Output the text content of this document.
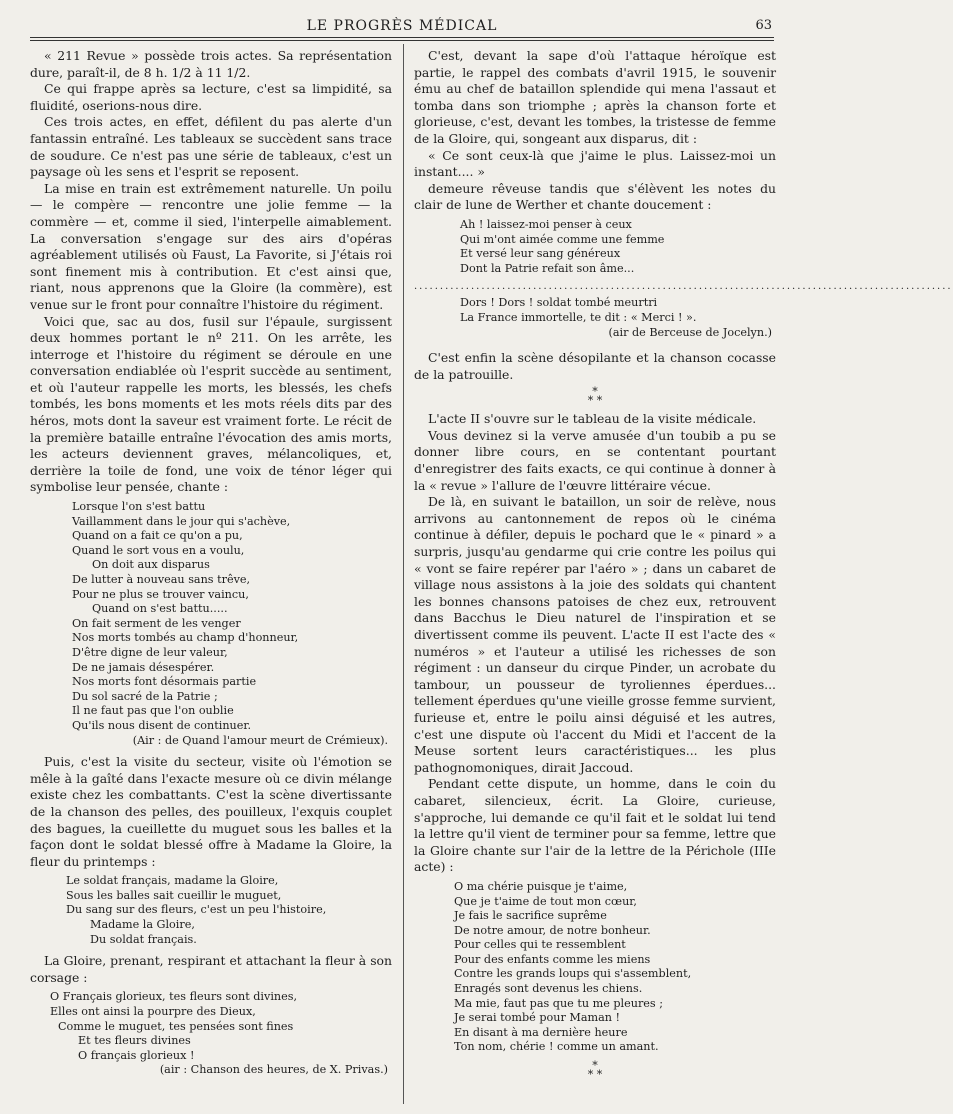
LE PROGRÈS MÉDICAL	63

« 211 Revue » possède trois actes. Sa représentation dure, paraît-il, de 8 h. 1/2 à 11 1/2.

Ce qui frappe après sa lecture, c'est sa limpidité, sa fluidité, oserions-nous dire.

Ces trois actes, en effet, défilent du pas alerte d'un fantassin entraîné. Les tableaux se succèdent sans trace de soudure. Ce n'est pas une série de tableaux, c'est un paysage où les sens et l'esprit se reposent.

La mise en train est extrêmement naturelle. Un poilu — le compère — rencontre une jolie femme — la commère — et, comme il sied, l'interpelle aimablement. La conversation s'engage sur des airs d'opéras agréablement utilisés où Faust, La Favorite, si J'étais roi sont finement mis à contribution. Et c'est ainsi que, riant, nous apprenons que la Gloire (la commère), est venue sur le front pour connaître l'histoire du régiment.

Voici que, sac au dos, fusil sur l'épaule, surgissent deux hommes portant le nº 211. On les arrête, les interroge et l'histoire du régiment se déroule en une conversation endiablée où l'esprit succède au sentiment, et où l'auteur rappelle les morts, les blessés, les chefs tombés, les bons moments et les mots réels dits par des héros, mots dont la saveur est vraiment forte. Le récit de la première bataille entraîne l'évocation des amis morts, les acteurs deviennent graves, mélancoliques, et, derrière la toile de fond, une voix de ténor léger qui symbolise leur pensée, chante :

Lorsque l'on s'est battu
Vaillamment dans le jour qui s'achève,
Quand on a fait ce qu'on a pu,
Quand le sort vous en a voulu,
On doit aux disparus
De lutter à nouveau sans trêve,
Pour ne plus se trouver vaincu,
Quand on s'est battu.....
On fait serment de les venger
Nos morts tombés au champ d'honneur,
D'être digne de leur valeur,
De ne jamais désespérer.
Nos morts font désormais partie
Du sol sacré de la Patrie ;
Il ne faut pas que l'on oublie
Qu'ils nous disent de continuer.
(Air : de Quand l'amour meurt de Crémieux).

Puis, c'est la visite du secteur, visite où l'émotion se mêle à la gaîté dans l'exacte mesure où ce divin mélange existe chez les combattants. C'est la scène divertissante de la chanson des pelles, des pouilleux, l'exquis couplet des bagues, la cueillette du muguet sous les balles et la façon dont le soldat blessé offre à Madame la Gloire, la fleur du printemps :

Le soldat français, madame la Gloire,
Sous les balles sait cueillir le muguet,
Du sang sur des fleurs, c'est un peu l'histoire,
Madame la Gloire,
Du soldat français.

La Gloire, prenant, respirant et attachant la fleur à son corsage :

O Français glorieux, tes fleurs sont divines,
Elles ont ainsi la pourpre des Dieux,
Comme le muguet, tes pensées sont fines
Et tes fleurs divines
O français glorieux !
(air : Chanson des heures, de X. Privas.)

C'est, devant la sape d'où l'attaque héroïque est partie, le rappel des combats d'avril 1915, le souvenir ému au chef de bataillon splendide qui mena l'assaut et tomba dans son triomphe ; après la chanson forte et glorieuse, c'est, devant les tombes, la tristesse de femme de la Gloire, qui, songeant aux disparus, dit :

« Ce sont ceux-là que j'aime le plus. Laissez-moi un instant.... »

demeure rêveuse tandis que s'élèvent les notes du clair de lune de Werther et chante doucement :

Ah ! laissez-moi penser à ceux
Qui m'ont aimée comme une femme
Et versé leur sang généreux
Dont la Patrie refait son âme...
........................................................................................................
Dors ! Dors ! soldat tombé meurtri
La France immortelle, te dit : « Merci ! ».
(air de Berceuse de Jocelyn.)

C'est enfin la scène désopilante et la chanson cocasse de la patrouille.

*
* *

L'acte II s'ouvre sur le tableau de la visite médicale.

Vous devinez si la verve amusée d'un toubib a pu se donner libre cours, en se contentant pourtant d'enregistrer des faits exacts, ce qui continue à donner à la « revue » l'allure de l'œuvre littéraire vécue.

De là, en suivant le bataillon, un soir de relève, nous arrivons au cantonnement de repos où le cinéma continue à défiler, depuis le pochard que le « pinard » a surpris, jusqu'au gendarme qui crie contre les poilus qui « vont se faire repérer par l'aéro » ; dans un cabaret de village nous assistons à la joie des soldats qui chantent les bonnes chansons patoises de chez eux, retrouvent dans Bacchus le Dieu naturel de l'inspiration et se divertissent comme ils peuvent. L'acte II est l'acte des « numéros » et l'auteur a utilisé les richesses de son régiment : un danseur du cirque Pinder, un acrobate du tambour, un pousseur de tyroliennes éperdues... tellement éperdues qu'une vieille grosse femme survient, furieuse et, entre le poilu ainsi déguisé et les autres, c'est une dispute où l'accent du Midi et l'accent de la Meuse sortent leurs caractéristiques... les plus pathognomoniques, dirait Jaccoud.

Pendant cette dispute, un homme, dans le coin du cabaret, silencieux, écrit. La Gloire, curieuse, s'approche, lui demande ce qu'il fait et le soldat lui tend la lettre qu'il vient de terminer pour sa femme, lettre que la Gloire chante sur l'air de la lettre de la Périchole (IIIe acte) :

O ma chérie puisque je t'aime,
Que je t'aime de tout mon cœur,
Je fais le sacrifice suprême
De notre amour, de notre bonheur.
Pour celles qui te ressemblent
Pour des enfants comme les miens
Contre les grands loups qui s'assemblent,
Enragés sont devenus les chiens.
Ma mie, faut pas que tu me pleures ;
Je serai tombé pour Maman !
En disant à ma dernière heure
Ton nom, chérie ! comme un amant.
*
* *
